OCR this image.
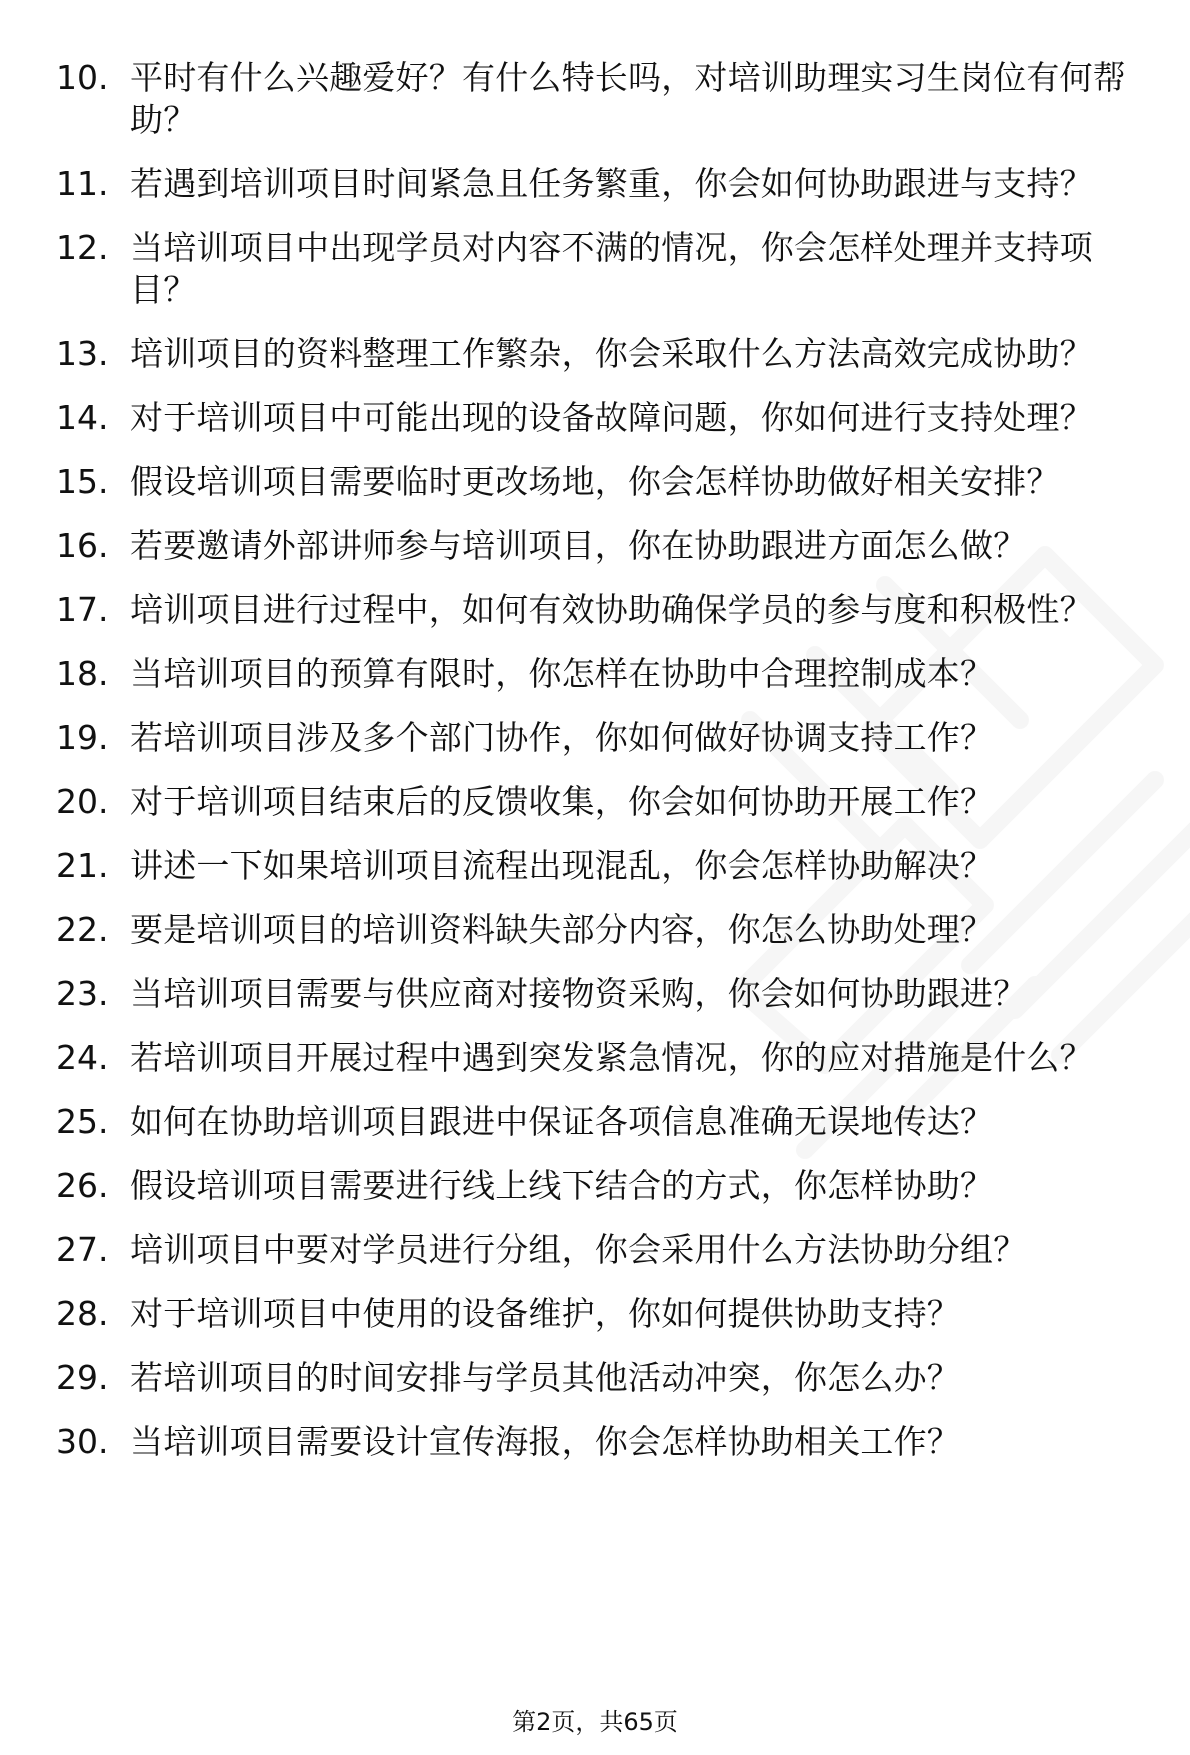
10. 平时有什么兴趣爱好？有什么特长吗，对培训助理实习生岗位有何帮助？
11. 若遇到培训项目时间紧急且任务繁重，你会如何协助跟进与支持？
12. 当培训项目中出现学员对内容不满的情况，你会怎样处理并支持项目？
13. 培训项目的资料整理工作繁杂，你会采取什么方法高效完成协助？
14. 对于培训项目中可能出现的设备故障问题，你如何进行支持处理？
15. 假设培训项目需要临时更改场地，你会怎样协助做好相关安排？
16. 若要邀请外部讲师参与培训项目，你在协助跟进方面怎么做？
17. 培训项目进行过程中，如何有效协助确保学员的参与度和积极性？
18. 当培训项目的预算有限时，你怎样在协助中合理控制成本？
19. 若培训项目涉及多个部门协作，你如何做好协调支持工作？
20. 对于培训项目结束后的反馈收集，你会如何协助开展工作？
21. 讲述一下如果培训项目流程出现混乱，你会怎样协助解决？
22. 要是培训项目的培训资料缺失部分内容，你怎么协助处理？
23. 当培训项目需要与供应商对接物资采购，你会如何协助跟进？
24. 若培训项目开展过程中遇到突发紧急情况，你的应对措施是什么？
25. 如何在协助培训项目跟进中保证各项信息准确无误地传达？
26. 假设培训项目需要进行线上线下结合的方式，你怎样协助？
27. 培训项目中要对学员进行分组，你会采用什么方法协助分组？
28. 对于培训项目中使用的设备维护，你如何提供协助支持？
29. 若培训项目的时间安排与学员其他活动冲突，你怎么办？
30. 当培训项目需要设计宣传海报，你会怎样协助相关工作？
第2页，共65页
